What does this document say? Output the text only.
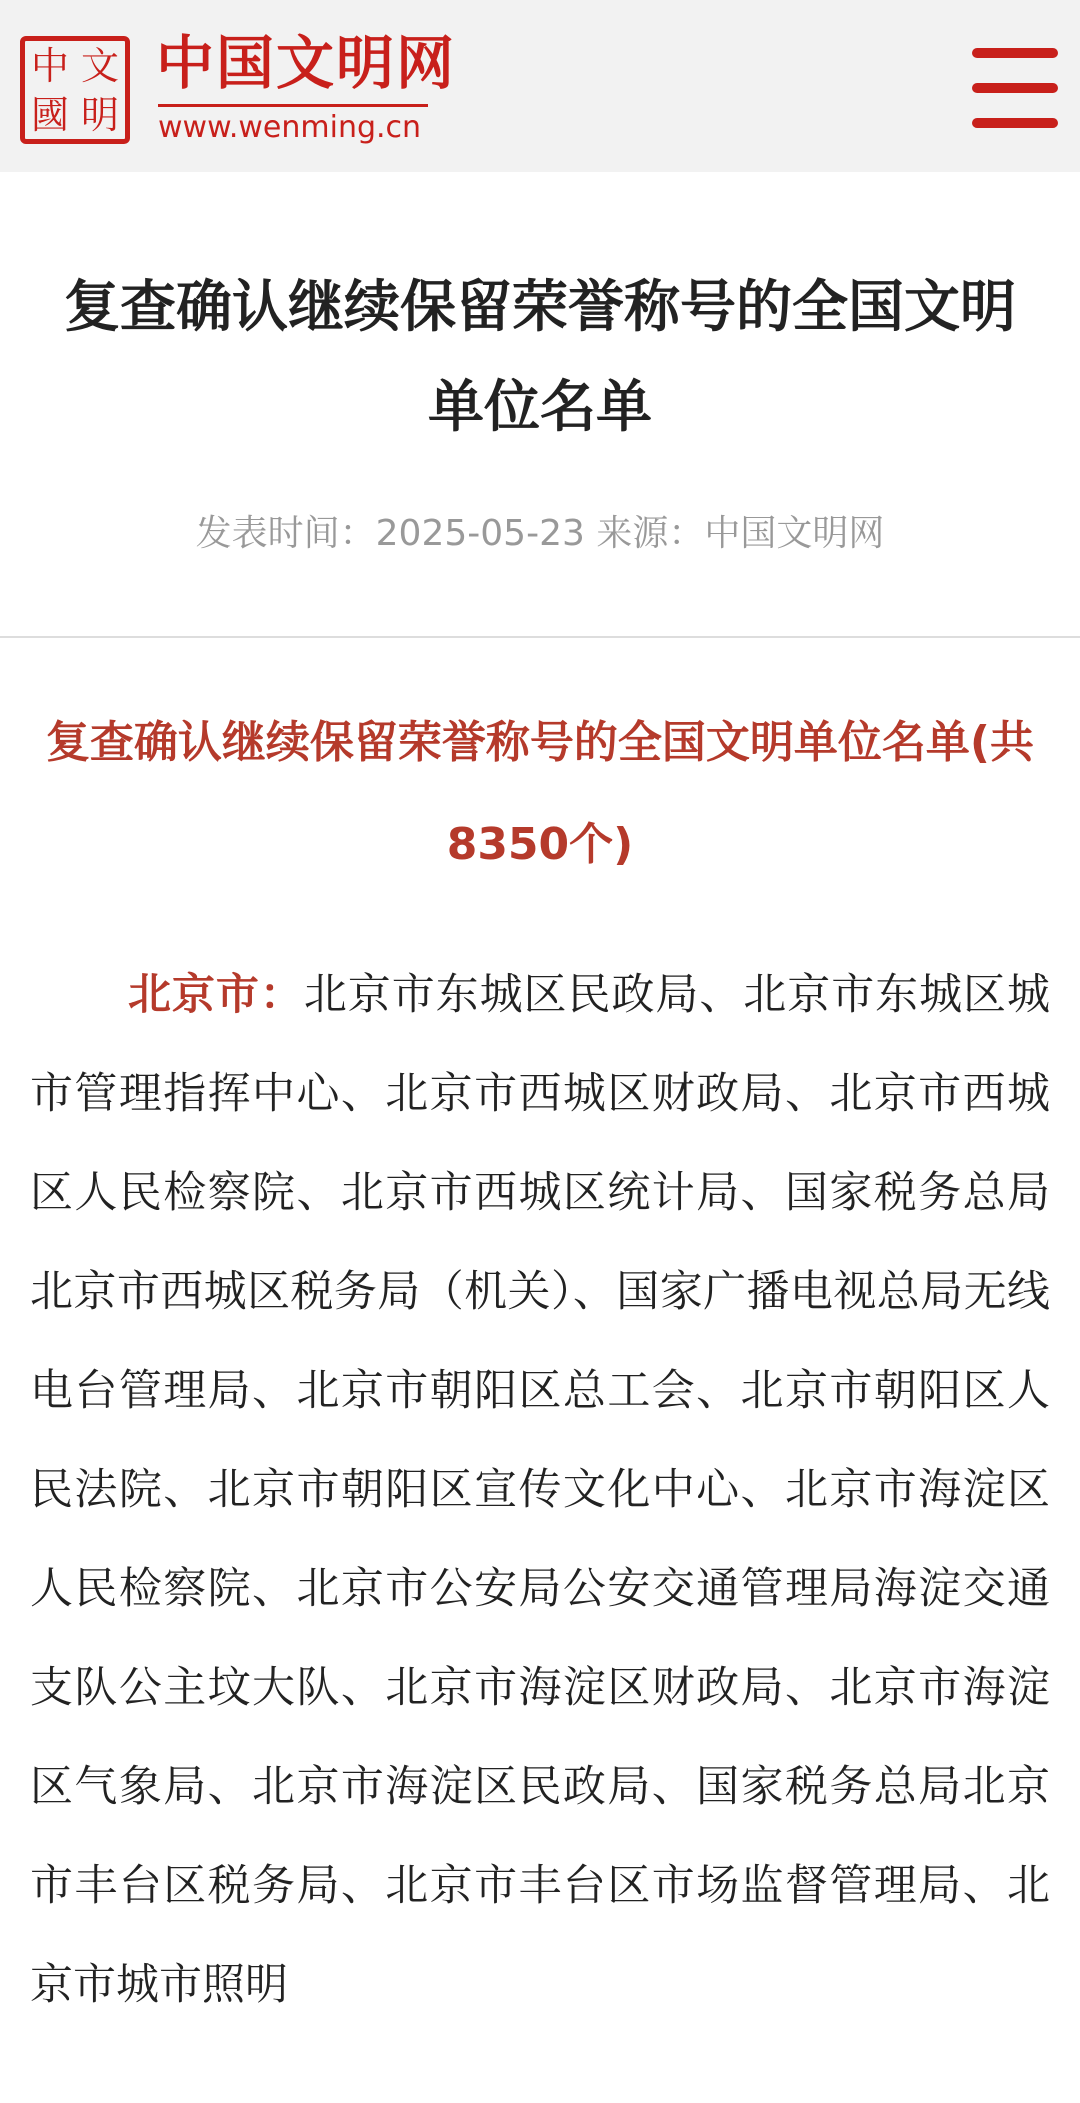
中 文
國 明
中国文明网
www.wenming.cn
复查确认继续保留荣誉称号的全国文明单位名单
发表时间：2025-05-23 来源：中国文明网
复查确认继续保留荣誉称号的全国文明单位名单(共8350个)
北京市：北京市东城区民政局、北京市东城区城市管理指挥中心、北京市西城区财政局、北京市西城区人民检察院、北京市西城区统计局、国家税务总局北京市西城区税务局（机关）、国家广播电视总局无线电台管理局、北京市朝阳区总工会、北京市朝阳区人民法院、北京市朝阳区宣传文化中心、北京市海淀区人民检察院、北京市公安局公安交通管理局海淀交通支队公主坟大队、北京市海淀区财政局、北京市海淀区气象局、北京市海淀区民政局、国家税务总局北京市丰台区税务局、北京市丰台区市场监督管理局、北京市城市照明
